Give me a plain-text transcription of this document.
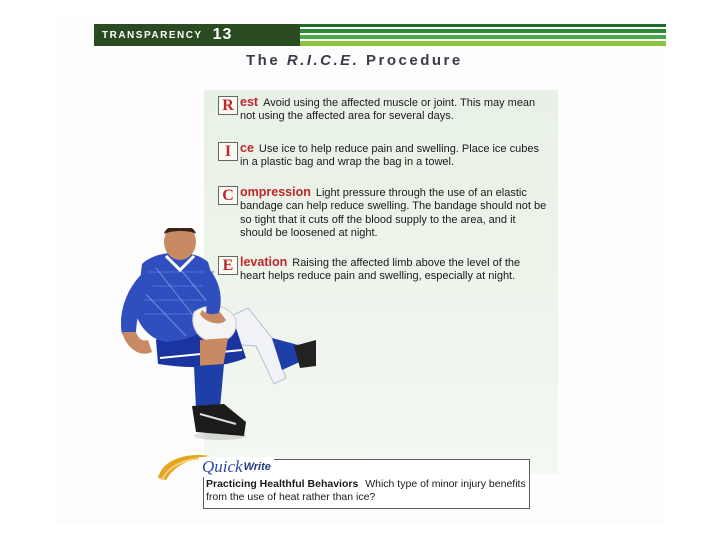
TRANSPARENCY 13
The R.I.C.E. Procedure
R est Avoid using the affected muscle or joint. This may mean not using the affected area for several days.
I ce Use ice to help reduce pain and swelling. Place ice cubes in a plastic bag and wrap the bag in a towel.
C ompression Light pressure through the use of an elastic bandage can help reduce swelling. The bandage should not be so tight that it cuts off the blood supply to the area, and it should be loosened at night.
E levation Raising the affected limb above the level of the heart helps reduce pain and swelling, especially at night.
Quick Write
Practicing Healthful Behaviors Which type of minor injury benefits from the use of heat rather than ice?
